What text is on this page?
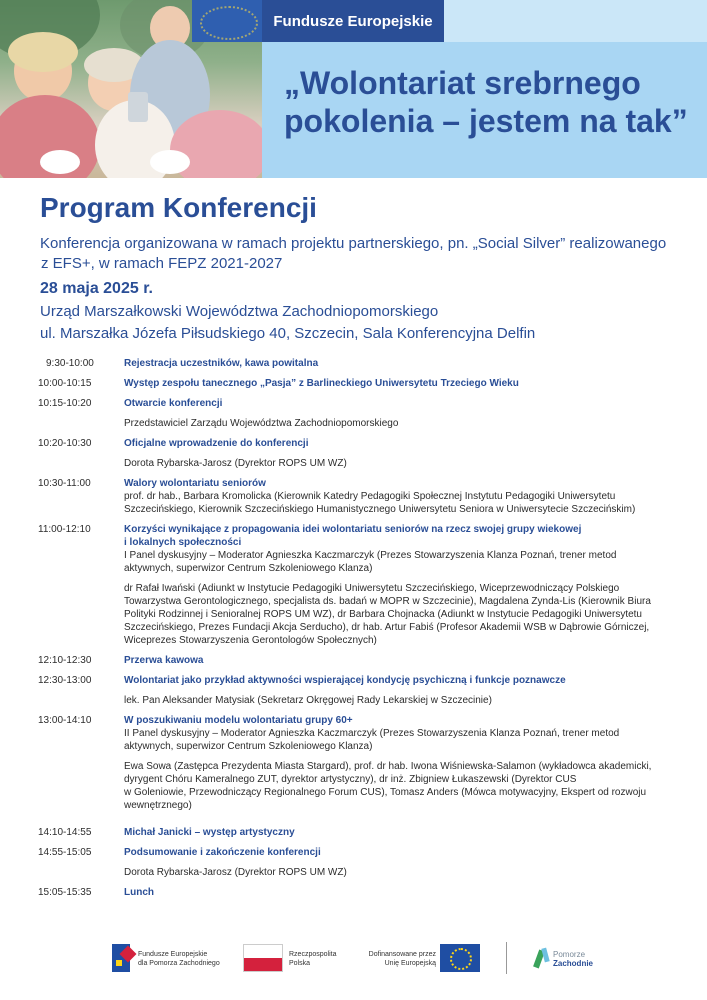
Fundusze Europejskie
„Wolontariat srebrnego
pokolenia – jestem na tak”
Program Konferencji
Konferencja organizowana w ramach projektu partnerskiego, pn. „Social Silver” realizowanego
z EFS+, w ramach FEPZ 2021-2027
28 maja 2025 r.
Urząd Marszałkowski Województwa Zachodniopomorskiego
ul. Marszałka Józefa Piłsudskiego 40, Szczecin, Sala Konferencyjna Delfin
9:30-10:00	Rejestracja uczestników, kawa powitalna
10:00-10:15	Występ zespołu tanecznego „Pasja” z Barlineckiego Uniwersytetu Trzeciego Wieku
10:15-10:20	Otwarcie konferencji
Przedstawiciel Zarządu Województwa Zachodniopomorskiego
10:20-10:30	Oficjalne wprowadzenie do konferencji
Dorota Rybarska-Jarosz (Dyrektor ROPS UM WZ)
10:30-11:00	Walory wolontariatu seniorów
prof. dr hab., Barbara Kromolicka (Kierownik Katedry Pedagogiki Społecznej Instytutu Pedagogiki Uniwersytetu
Szczecińskiego, Kierownik Szczecińskiego Humanistycznego Uniwersytetu Seniora w Uniwersytecie Szczecińskim)
11:00-12:10	Korzyści wynikające z propagowania idei wolontariatu seniorów na rzecz swojej grupy wiekowej
i lokalnych społeczności
I Panel dyskusyjny – Moderator Agnieszka Kaczmarczyk (Prezes Stowarzyszenia Klanza Poznań, trener metod
aktywnych, superwizor Centrum Szkoleniowego Klanza)
dr Rafał Iwański (Adiunkt w Instytucie Pedagogiki Uniwersytetu Szczecińskiego, Wiceprzewodniczący Polskiego
Towarzystwa Gerontologicznego, specjalista ds. badań w MOPR w Szczecinie), Magdalena Zynda-Lis (Kierownik Biura
Polityki Rodzinnej i Senioralnej ROPS UM WZ), dr Barbara Chojnacka (Adiunkt w Instytucie Pedagogiki Uniwersytetu
Szczecińskiego, Prezes Fundacji Akcja Serducho), dr hab. Artur Fabiś (Profesor Akademii WSB w Dąbrowie Górniczej,
Wiceprezes Stowarzyszenia Gerontologów Społecznych)
12:10-12:30	Przerwa kawowa
12:30-13:00	Wolontariat jako przykład aktywności wspierającej kondycję psychiczną i funkcje poznawcze
lek. Pan Aleksander Matysiak (Sekretarz Okręgowej Rady Lekarskiej w Szczecinie)
13:00-14:10	W poszukiwaniu modelu wolontariatu grupy 60+
II Panel dyskusyjny – Moderator Agnieszka Kaczmarczyk (Prezes Stowarzyszenia Klanza Poznań, trener metod
aktywnych, superwizor Centrum Szkoleniowego Klanza)
Ewa Sowa (Zastępca Prezydenta Miasta Stargard), prof. dr hab. Iwona Wiśniewska-Salamon (wykładowca akademicki,
dyrygent Chóru Kameralnego ZUT, dyrektor artystyczny), dr inż. Zbigniew Łukaszewski (Dyrektor CUS
w Goleniowie, Przewodniczący Regionalnego Forum CUS), Tomasz Anders (Mówca motywacyjny, Ekspert od rozwoju
wewnętrznego)
14:10-14:55	Michał Janicki – występ artystyczny
14:55-15:05	Podsumowanie i zakończenie konferencji
Dorota Rybarska-Jarosz (Dyrektor ROPS UM WZ)
15:05-15:35	Lunch
Fundusze Europejskie
dla Pomorza Zachodniego
Rzeczpospolita
Polska
Dofinansowane przez
Unię Europejską
Pomorze
Zachodnie
